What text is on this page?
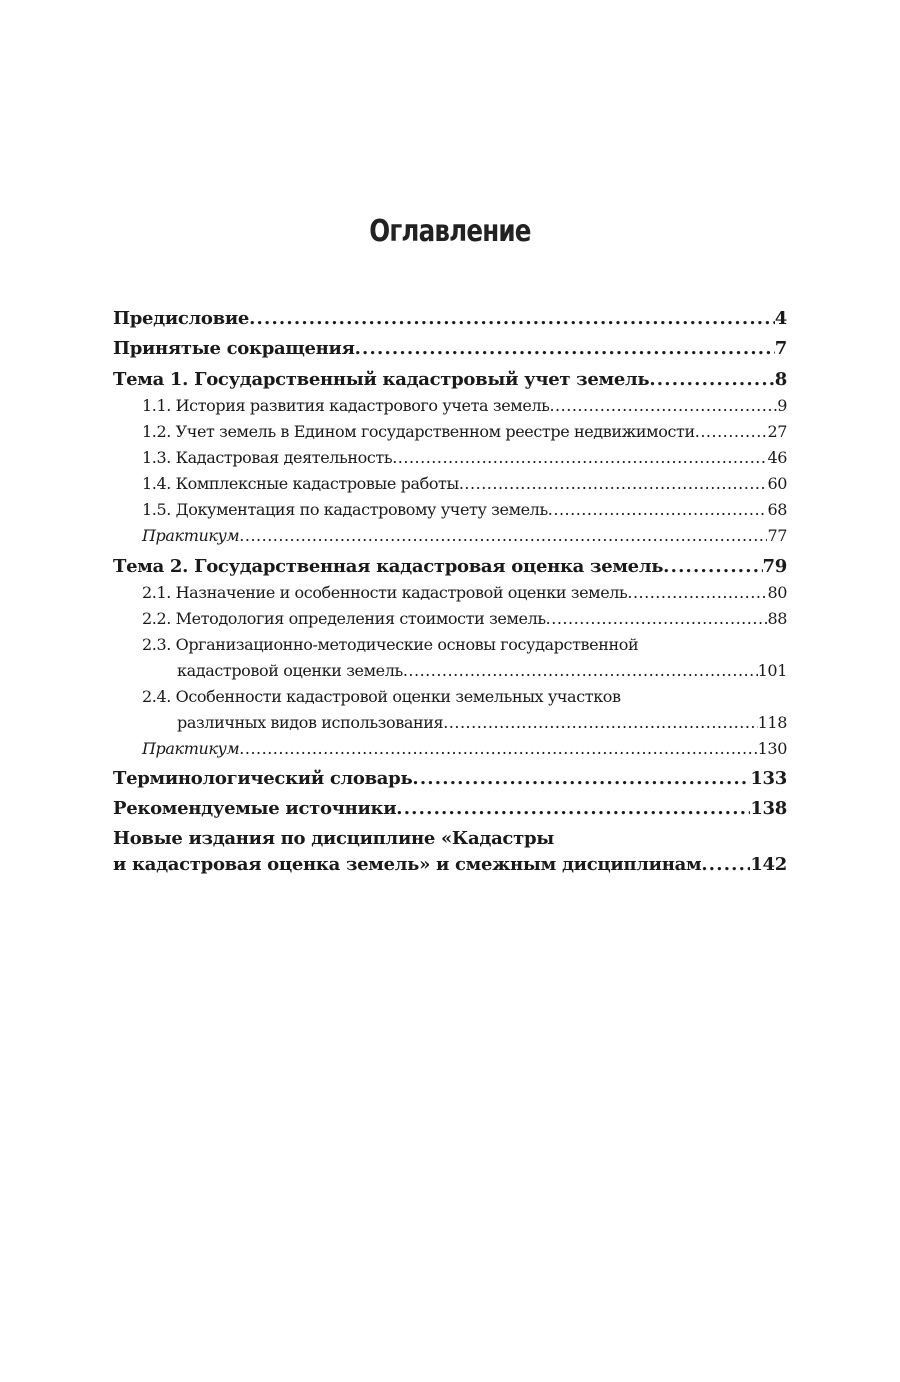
Оглавление
Предисловие .....	4
Принятые сокращения .....	7
Тема 1. Государственный кадастровый учет земель .....	8
1.1. История развития кадастрового учета земель .....	9
1.2. Учет земель в Едином государственном реестре недвижимости .....	27
1.3. Кадастровая деятельность .....	46
1.4. Комплексные кадастровые работы .....	60
1.5. Документация по кадастровому учету земель .....	68
Практикум .....	77
Тема 2. Государственная кадастровая оценка земель .....	79
2.1. Назначение и особенности кадастровой оценки земель .....	80
2.2. Методология определения стоимости земель .....	88
2.3. Организационно-методические основы государственной
кадастровой оценки земель .....	101
2.4. Особенности кадастровой оценки земельных участков
различных видов использования .....	118
Практикум .....	130
Терминологический словарь .....	133
Рекомендуемые источники .....	138
Новые издания по дисциплине «Кадастры
и кадастровая оценка земель» и смежным дисциплинам .....	142
